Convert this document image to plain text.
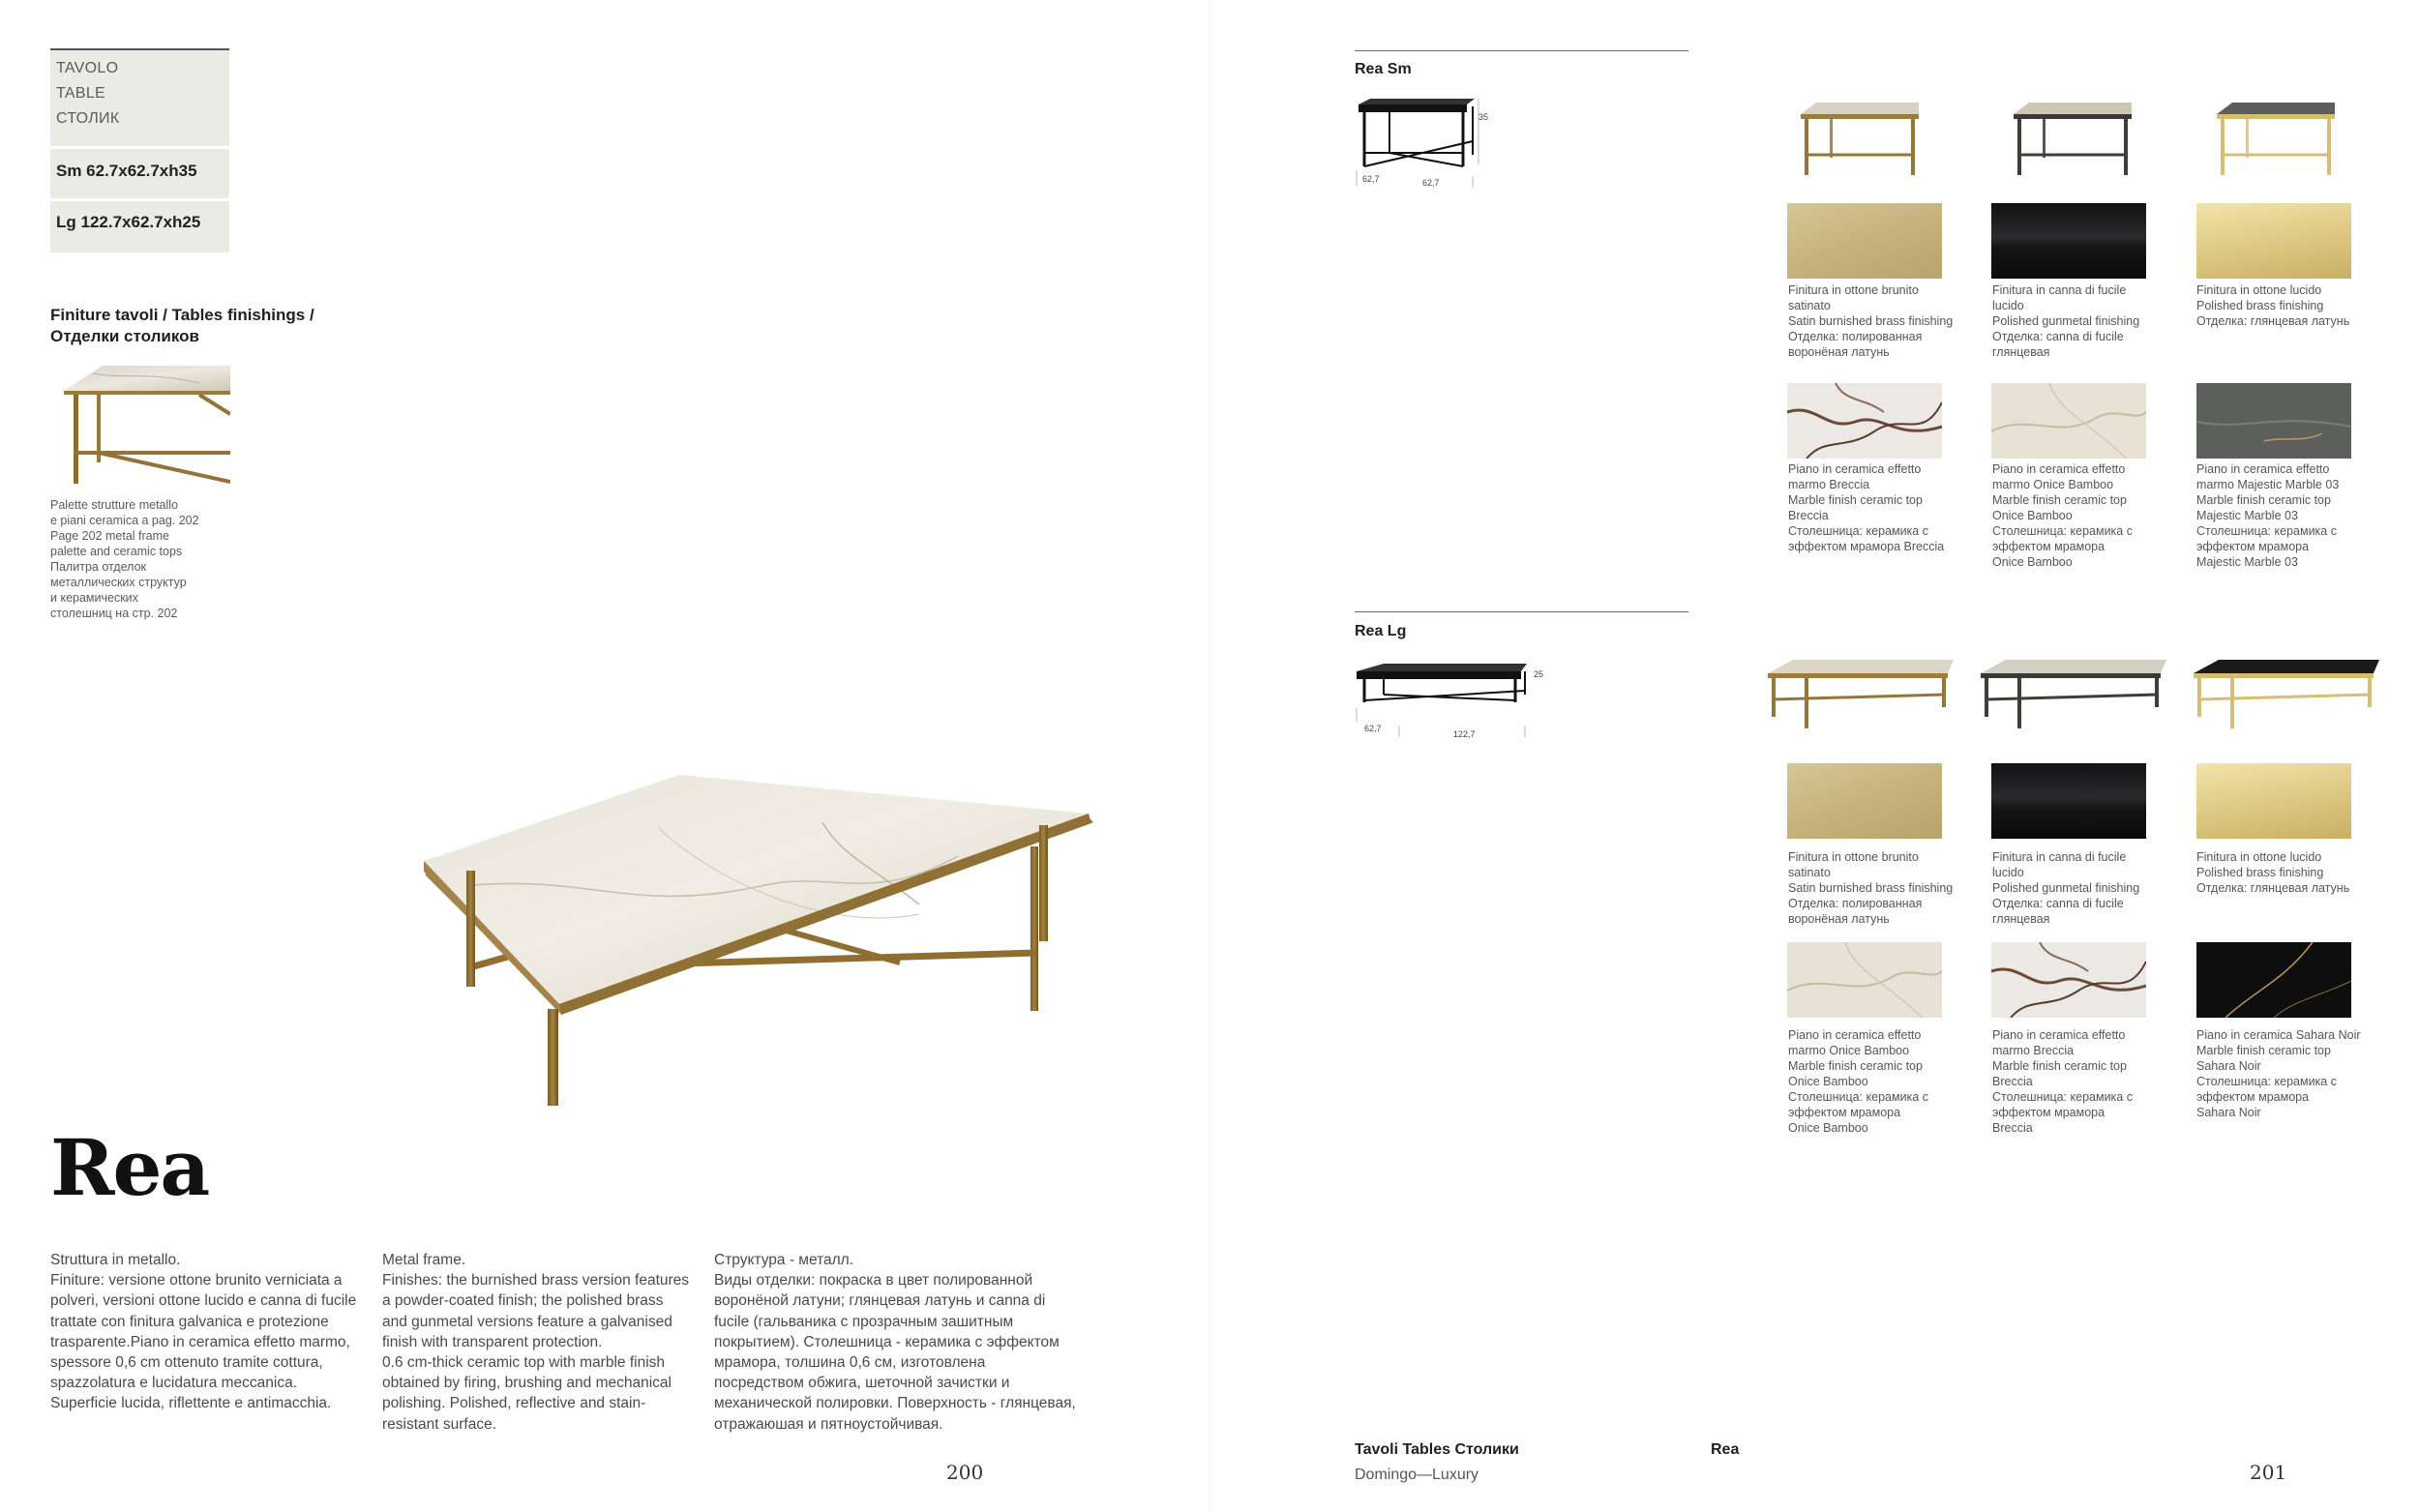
TAVOLO
TABLE
СТОЛИК
Sm 62.7x62.7xh35
Lg 122.7x62.7xh25
Finiture tavoli / Tables finishings / Отделки столиков
Palette strutture metallo
e piani ceramica a pag. 202
Page 202 metal frame
palette and ceramic tops
Палитра отделок
металлических структур
и керамических
столешниц на стр. 202
Rea
Struttura in metallo.
Finiture: versione ottone brunito verniciata a polveri, versioni ottone lucido e canna di fucile trattate con finitura galvanica e protezione trasparente.Piano in ceramica effetto marmo, spessore 0,6 cm ottenuto tramite cottura, spazzolatura e lucidatura meccanica. Superficie lucida, riflettente e antimacchia.
Metal frame.
Finishes: the burnished brass version features a powder-coated finish; the polished brass and gunmetal versions feature a galvanised finish with transparent protection.
0.6 cm-thick ceramic top with marble finish obtained by firing, brushing and mechanical polishing. Polished, reflective and stain-resistant surface.
Структура - металл.
Виды отделки: покраска в цвет полированной воронёной латуни; глянцевая латунь и canna di fucile (гальваника с прозрачным зашитным покрытием). Столешница - керамика с эффектом мрамора, толшина 0,6 см, изготовлена посредством обжига, шеточной зачистки и механической полировки. Поверхность - глянцевая, отражаюшая и пятноустойчивая.
200
Rea Sm
35
62,7	62,7
Finitura in ottone brunito
satinato
Satin burnished brass finishing
Отделка: полированная
воронёная латунь
Finitura in canna di fucile
lucido
Polished gunmetal finishing
Отделка: canna di fucile
глянцевая
Finitura in ottone lucido
Polished brass finishing
Отделка: глянцевая латунь
Piano in ceramica effetto
marmo Breccia
Marble finish ceramic top
Breccia
Столешница: керамика с
эффектом мрамора Breccia
Piano in ceramica effetto
marmo Onice Bamboo
Marble finish ceramic top
Onice Bamboo
Столешница: керамика с
эффектом мрамора
Onice Bamboo
Piano in ceramica effetto
marmo Majestic Marble 03
Marble finish ceramic top
Majestic Marble 03
Столешница: керамика с
эффектом мрамора
Majestic Marble 03
Rea Lg
25
62,7
122,7
Finitura in ottone brunito
satinato
Satin burnished brass finishing
Отделка: полированная
воронёная латунь
Finitura in canna di fucile
lucido
Polished gunmetal finishing
Отделка: canna di fucile
глянцевая
Finitura in ottone lucido
Polished brass finishing
Отделка: глянцевая латунь
Piano in ceramica effetto
marmo Onice Bamboo
Marble finish ceramic top
Onice Bamboo
Столешница: керамика с
эффектом мрамора
Onice Bamboo
Piano in ceramica effetto
marmo Breccia
Marble finish ceramic top
Breccia
Столешница: керамика с
эффектом мрамора
Breccia
Piano in ceramica Sahara Noir
Marble finish ceramic top
Sahara Noir
Столешница: керамика с
эффектом мрамора
Sahara Noir
Tavoli Tables Столики
Domingo—Luxury
Rea
201
